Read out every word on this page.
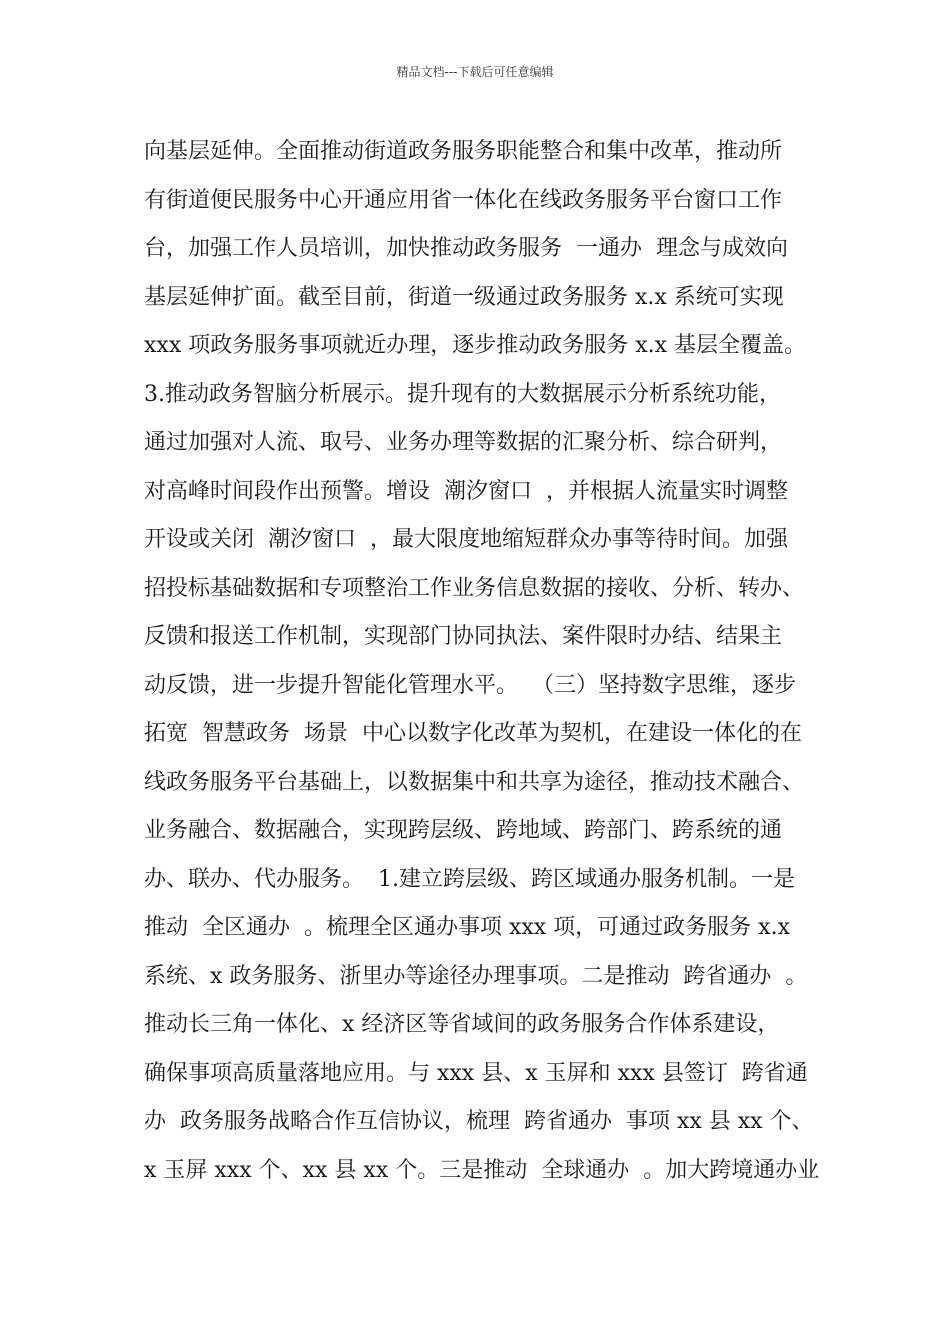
精品文档---下载后可任意编辑
向基层延伸。全面推动街道政务服务职能整合和集中改革，推动所
有街道便民服务中心开通应用省一体化在线政务服务平台窗口工作
台，加强工作人员培训，加快推动政务服务  一通办  理念与成效向
基层延伸扩面。截至目前，街道一级通过政务服务 x.x 系统可实现
xxx 项政务服务事项就近办理，逐步推动政务服务 x.x 基层全覆盖。
3.推动政务智脑分析展示。提升现有的大数据展示分析系统功能，
通过加强对人流、取号、业务办理等数据的汇聚分析、综合研判，
对高峰时间段作出预警。增设  潮汐窗口  ，并根据人流量实时调整
开设或关闭  潮汐窗口  ，最大限度地缩短群众办事等待时间。加强
招投标基础数据和专项整治工作业务信息数据的接收、分析、转办、
反馈和报送工作机制，实现部门协同执法、案件限时办结、结果主
动反馈，进一步提升智能化管理水平。  （三）坚持数字思维，逐步
拓宽  智慧政务  场景  中心以数字化改革为契机，在建设一体化的在
线政务服务平台基础上，以数据集中和共享为途径，推动技术融合、
业务融合、数据融合，实现跨层级、跨地域、跨部门、跨系统的通
办、联办、代办服务。  1.建立跨层级、跨区域通办服务机制。一是
推动  全区通办  。梳理全区通办事项 xxx 项，可通过政务服务 x.x
系统、x 政务服务、浙里办等途径办理事项。二是推动  跨省通办  。
推动长三角一体化、x 经济区等省域间的政务服务合作体系建设，
确保事项高质量落地应用。与 xxx 县、x 玉屏和 xxx 县签订  跨省通
办  政务服务战略合作互信协议，梳理  跨省通办  事项 xx 县 xx 个、
x 玉屏 xxx 个、xx 县 xx 个。三是推动  全球通办  。加大跨境通办业
